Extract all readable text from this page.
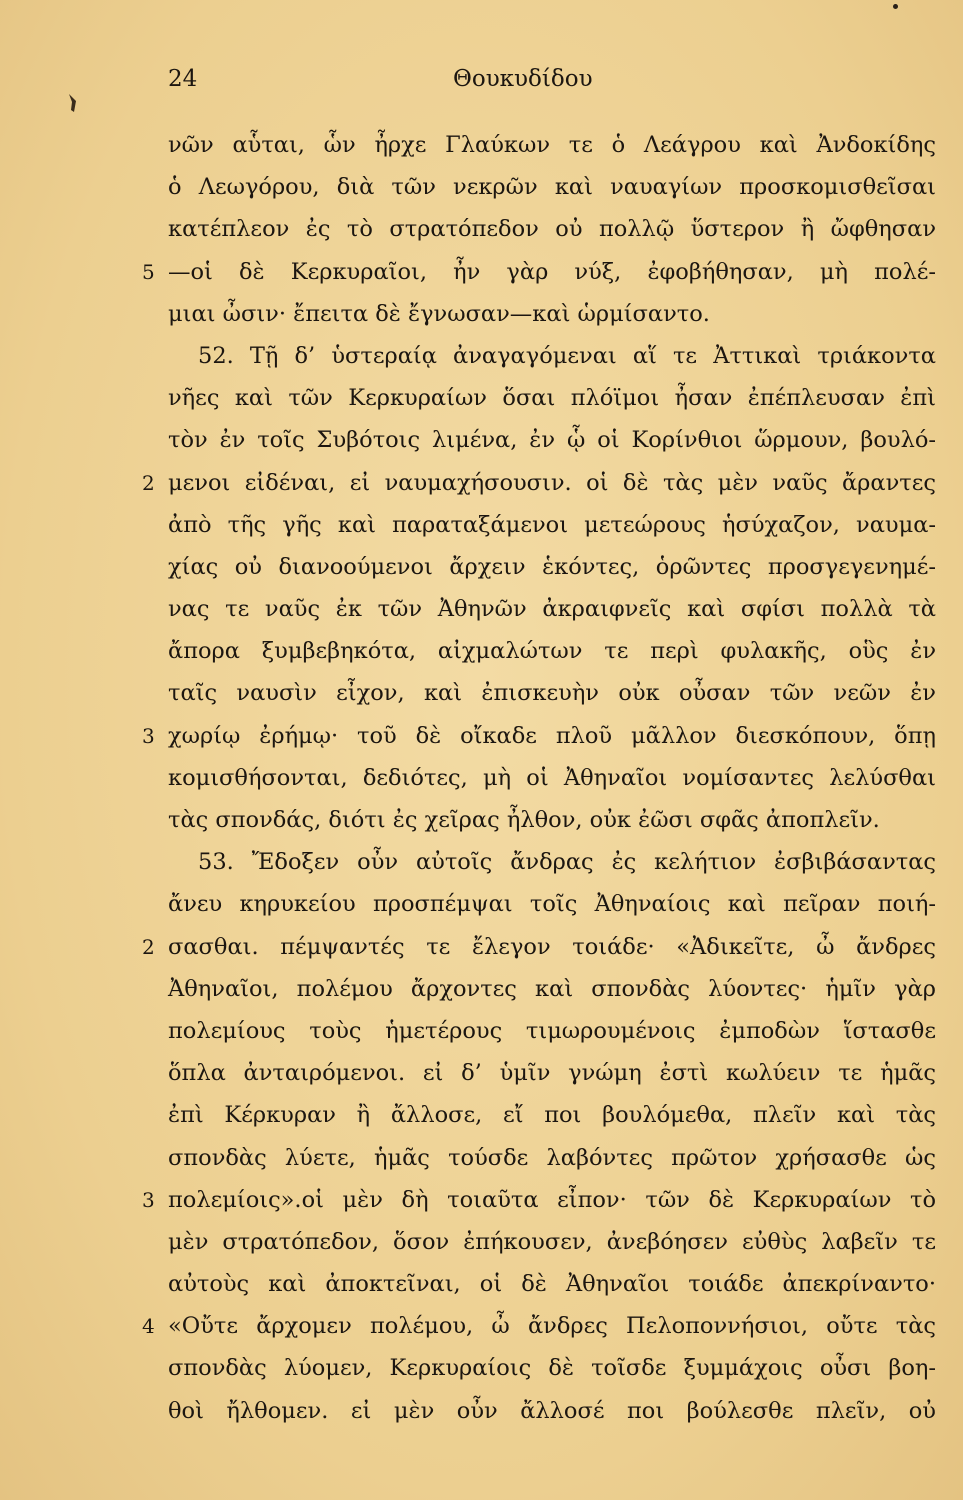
24	Θουκυδίδου
νῶν αὗται, ὧν ἦρχε Γλαύκων τε ὁ Λεάγρου καὶ Ἀνδοκίδης
ὁ Λεωγόρου, διὰ τῶν νεκρῶν καὶ ναυαγίων προσκομισθεῖσαι
κατέπλεον ἐς τὸ στρατόπεδον οὐ πολλῷ ὕστερον ἢ ὤφθησαν
5 —οἱ δὲ Κερκυραῖοι, ἦν γὰρ νύξ, ἐφοβήθησαν, μὴ πολέ-
μιαι ὦσιν· ἔπειτα δὲ ἔγνωσαν—καὶ ὡρμίσαντο.
52. Τῇ δ’ ὑστεραίᾳ ἀναγαγόμεναι αἵ τε Ἀττικαὶ τριάκοντα
νῆες καὶ τῶν Κερκυραίων ὅσαι πλόϊμοι ἦσαν ἐπέπλευσαν ἐπὶ
τὸν ἐν τοῖς Συβότοις λιμένα, ἐν ᾧ οἱ Κορίνθιοι ὥρμουν, βουλό-
2 μενοι εἰδέναι, εἰ ναυμαχήσουσιν. οἱ δὲ τὰς μὲν ναῦς ἄραντες
ἀπὸ τῆς γῆς καὶ παραταξάμενοι μετεώρους ἡσύχαζον, ναυμα-
χίας οὐ διανοούμενοι ἄρχειν ἑκόντες, ὁρῶντες προσγεγενημέ-
νας τε ναῦς ἐκ τῶν Ἀθηνῶν ἀκραιφνεῖς καὶ σφίσι πολλὰ τὰ
ἄπορα ξυμβεβηκότα, αἰχμαλώτων τε περὶ φυλακῆς, οὓς ἐν
ταῖς ναυσὶν εἶχον, καὶ ἐπισκευὴν οὐκ οὖσαν τῶν νεῶν ἐν
3 χωρίῳ ἐρήμῳ· τοῦ δὲ οἴκαδε πλοῦ μᾶλλον διεσκόπουν, ὅπῃ
κομισθήσονται, δεδιότες, μὴ οἱ Ἀθηναῖοι νομίσαντες λελύσθαι
τὰς σπονδάς, διότι ἐς χεῖρας ἦλθον, οὐκ ἐῶσι σφᾶς ἀποπλεῖν.
53. Ἔδοξεν οὖν αὐτοῖς ἄνδρας ἐς κελήτιον ἐσβιβάσαντας
ἄνευ κηρυκείου προσπέμψαι τοῖς Ἀθηναίοις καὶ πεῖραν ποιή-
2 σασθαι. πέμψαντές τε ἔλεγον τοιάδε· «Ἀδικεῖτε, ὦ ἄνδρες
Ἀθηναῖοι, πολέμου ἄρχοντες καὶ σπονδὰς λύοντες· ἡμῖν γὰρ
πολεμίους τοὺς ἡμετέρους τιμωρουμένοις ἐμποδὼν ἵστασθε
ὅπλα ἀνταιρόμενοι. εἰ δ’ ὑμῖν γνώμη ἐστὶ κωλύειν τε ἡμᾶς
ἐπὶ Κέρκυραν ἢ ἄλλοσε, εἴ ποι βουλόμεθα, πλεῖν καὶ τὰς
σπονδὰς λύετε, ἡμᾶς τούσδε λαβόντες πρῶτον χρήσασθε ὡς
3 πολεμίοις».οἱ μὲν δὴ τοιαῦτα εἶπον· τῶν δὲ Κερκυραίων τὸ
μὲν στρατόπεδον, ὅσον ἐπήκουσεν, ἀνεβόησεν εὐθὺς λαβεῖν τε
αὐτοὺς καὶ ἀποκτεῖναι, οἱ δὲ Ἀθηναῖοι τοιάδε ἀπεκρίναντο·
4 «Οὔτε ἄρχομεν πολέμου, ὦ ἄνδρες Πελοποννήσιοι, οὔτε τὰς
σπονδὰς λύομεν, Κερκυραίοις δὲ τοῖσδε ξυμμάχοις οὖσι βοη-
θοὶ ἤλθομεν. εἰ μὲν οὖν ἄλλοσέ ποι βούλεσθε πλεῖν, οὐ
